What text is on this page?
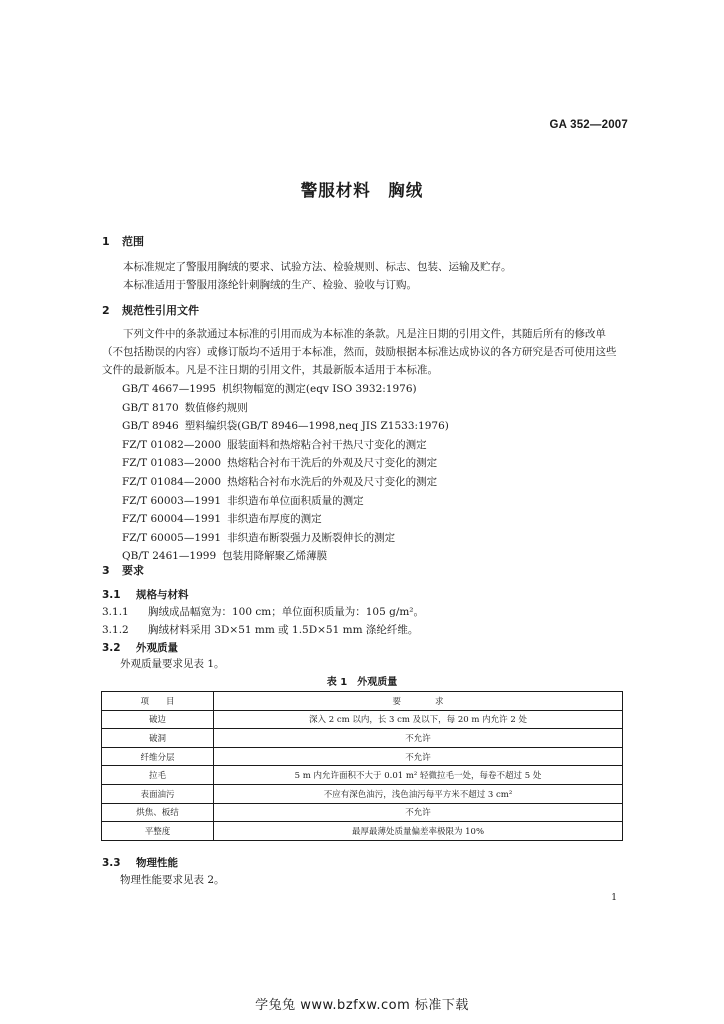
GA 352—2007
警服材料　胸绒
1 范围
本标准规定了警服用胸绒的要求、试验方法、检验规则、标志、包装、运输及贮存。
本标准适用于警服用涤纶针刺胸绒的生产、检验、验收与订购。
2 规范性引用文件
下列文件中的条款通过本标准的引用而成为本标准的条款。凡是注日期的引用文件，其随后所有的修改单（不包括勘误的内容）或修订版均不适用于本标准，然而，鼓励根据本标准达成协议的各方研究是否可使用这些文件的最新版本。凡是不注日期的引用文件，其最新版本适用于本标准。
GB/T 4667—1995 机织物幅宽的测定(eqv ISO 3932:1976)
GB/T 8170 数值修约规则
GB/T 8946 塑料编织袋(GB/T 8946—1998,neq JIS Z1533:1976)
FZ/T 01082—2000 服装面料和热熔粘合衬干热尺寸变化的测定
FZ/T 01083—2000 热熔粘合衬布干洗后的外观及尺寸变化的测定
FZ/T 01084—2000 热熔粘合衬布水洗后的外观及尺寸变化的测定
FZ/T 60003—1991 非织造布单位面积质量的测定
FZ/T 60004—1991 非织造布厚度的测定
FZ/T 60005—1991 非织造布断裂强力及断裂伸长的测定
QB/T 2461—1999 包装用降解聚乙烯薄膜
3 要求
3.1 规格与材料
3.1.1 胸绒成品幅宽为：100 cm；单位面积质量为：105 g/m²。
3.1.2 胸绒材料采用 3D×51 mm 或 1.5D×51 mm 涤纶纤维。
3.2 外观质量
外观质量要求见表 1。
表 1　外观质量
项　　目	要　　　　求
破边	深入 2 cm 以内，长 3 cm 及以下，每 20 m 内允许 2 处
破洞	不允许
纤维分层	不允许
拉毛	5 m 内允许面积不大于 0.01 m² 轻微拉毛一处，每卷不超过 5 处
表面油污	不应有深色油污，浅色油污每平方米不超过 3 cm²
烘焦、板结	不允许
平整度	最厚最薄处质量偏差率极限为 10%
3.3 物理性能
物理性能要求见表 2。
1
学兔兔 www.bzfxw.com 标准下载
